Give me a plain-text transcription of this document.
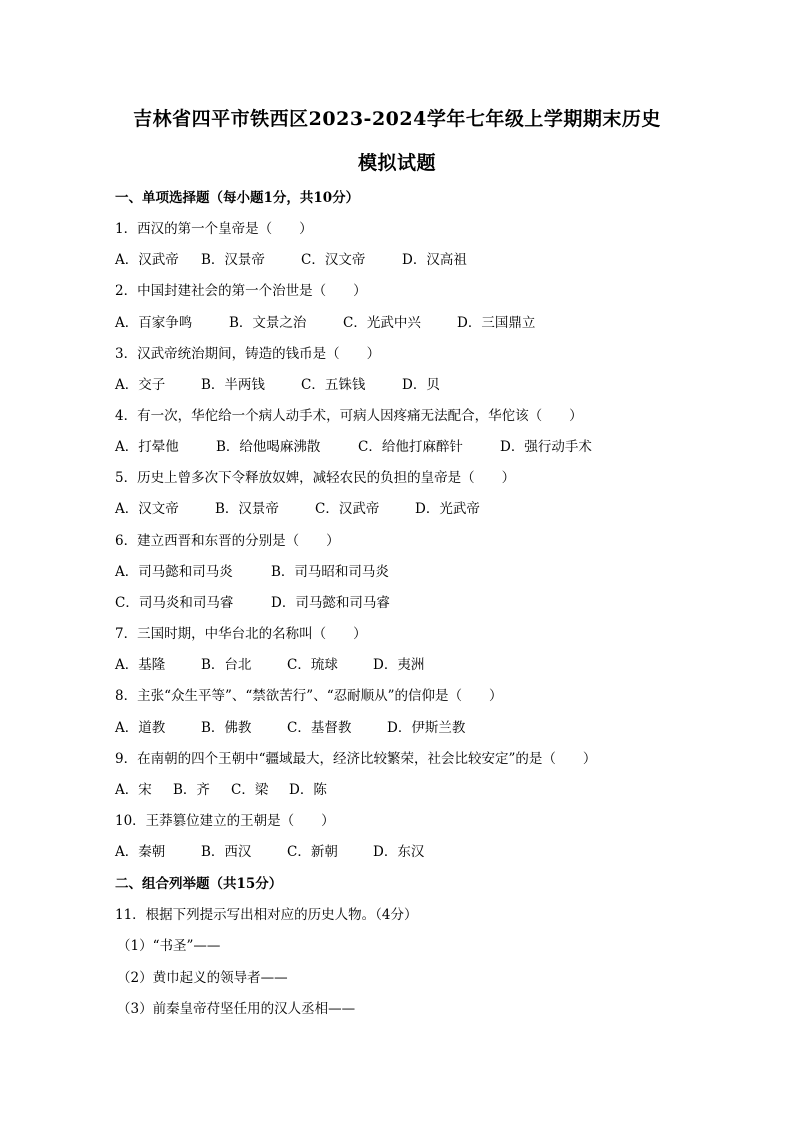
吉林省四平市铁西区2023-2024学年七年级上学期期末历史
模拟试题
一、单项选择题（每小题1分，共10分）
1．西汉的第一个皇帝是（　　）
A．汉武帝 B．汉景帝	C．汉文帝	D．汉高祖
2．中国封建社会的第一个治世是（　　）
A．百家争鸣	B．文景之治	C．光武中兴	D．三国鼎立
3．汉武帝统治期间，铸造的钱币是（　　）
A．交子	B．半两钱	C．五铢钱	D．贝
4．有一次，华佗给一个病人动手术，可病人因疼痛无法配合，华佗该（　　）
A．打晕他	B．给他喝麻沸散	C．给他打麻醉针	D．强行动手术
5．历史上曾多次下令释放奴婢，减轻农民的负担的皇帝是（　　）
A．汉文帝	B．汉景帝	C．汉武帝	D．光武帝
6．建立西晋和东晋的分别是（　　）
A．司马懿和司马炎	B．司马昭和司马炎
C．司马炎和司马睿	D．司马懿和司马睿
7．三国时期，中华台北的名称叫（　　）
A．基隆	B．台北	C．琉球	D．夷洲
8．主张“众生平等”、“禁欲苦行”、“忍耐顺从”的信仰是（　　）
A．道教	B．佛教	C．基督教	D．伊斯兰教
9．在南朝的四个王朝中“疆域最大，经济比较繁荣，社会比较安定”的是（　　）
A．宋 B．齐 C．梁 D．陈
10．王莽篡位建立的王朝是（　　）
A．秦朝	B．西汉	C．新朝	D．东汉
二、组合列举题（共15分）
11．根据下列提示写出相对应的历史人物。（4分）
（1）“书圣”——
（2）黄巾起义的领导者——
（3）前秦皇帝苻坚任用的汉人丞相——
